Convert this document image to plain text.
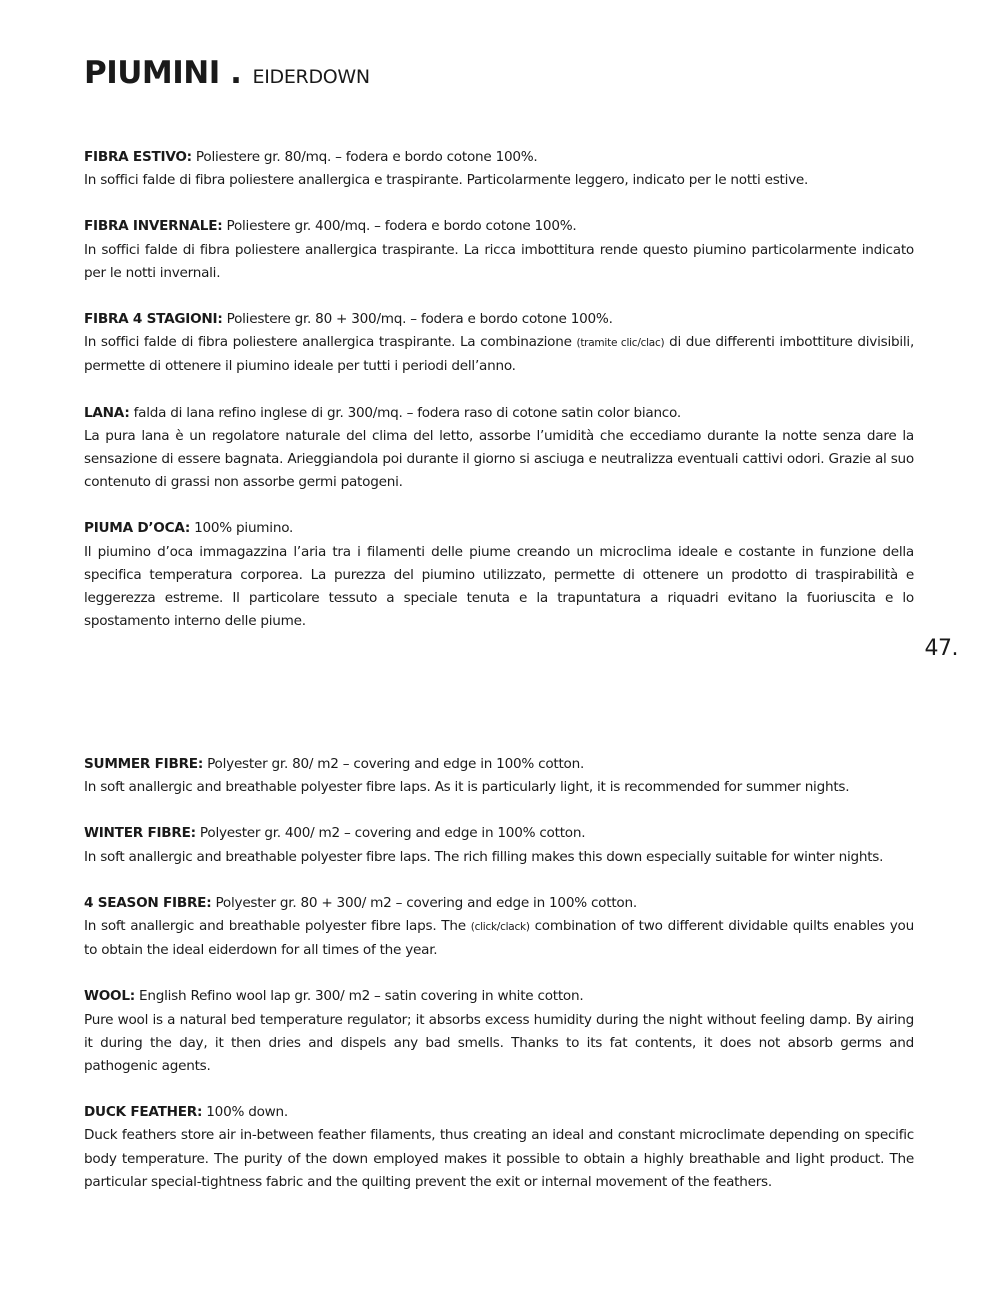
PIUMINI . EIDERDOWN
47.

FIBRA ESTIVO: Poliestere gr. 80/mq. – fodera e bordo cotone 100%.

In soffici falde di fibra poliestere anallergica e traspirante. Particolarmente leggero, indicato per le notti estive.

FIBRA INVERNALE: Poliestere gr. 400/mq. – fodera e bordo cotone 100%.

In soffici falde di fibra poliestere anallergica traspirante. La ricca imbottitura rende questo piumino particolarmente indicato per le notti invernali.

FIBRA 4 STAGIONI: Poliestere gr. 80 + 300/mq. – fodera e bordo cotone 100%.

In soffici falde di fibra poliestere anallergica traspirante. La combinazione (tramite clic/clac) di due differenti imbottiture divisibili, permette di ottenere il piumino ideale per tutti i periodi dell’anno.

LANA: falda di lana refino inglese di gr. 300/mq. – fodera raso di cotone satin color bianco.

La pura lana è un regolatore naturale del clima del letto, assorbe l’umidità che eccediamo durante la notte senza dare la sensazione di essere bagnata. Arieggiandola poi durante il giorno si asciuga e neutralizza eventuali cattivi odori. Grazie al suo contenuto di grassi non assorbe germi patogeni.

PIUMA D’OCA: 100% piumino.

Il piumino d’oca immagazzina l’aria tra i filamenti delle piume creando un microclima ideale e costante in funzione della specifica temperatura corporea. La purezza del piumino utilizzato, permette di ottenere un prodotto di traspirabilità e leggerezza estreme. Il particolare tessuto a speciale tenuta e la trapuntatura a riquadri evitano la fuoriuscita e lo spostamento interno delle piume.

SUMMER FIBRE: Polyester gr. 80/ m2 – covering and edge in 100% cotton.

In soft anallergic and breathable polyester fibre laps. As it is particularly light, it is recommended for summer nights.

WINTER FIBRE: Polyester gr. 400/ m2 – covering and edge in 100% cotton.

In soft anallergic and breathable polyester fibre laps. The rich filling makes this down especially suitable for winter nights.

4 SEASON FIBRE: Polyester gr. 80 + 300/ m2 – covering and edge in 100% cotton.

In soft anallergic and breathable polyester fibre laps. The (click/clack) combination of two different dividable quilts enables you to obtain the ideal eiderdown for all times of the year.

WOOL: English Refino wool lap gr. 300/ m2 – satin covering in white cotton.

Pure wool is a natural bed temperature regulator; it absorbs excess humidity during the night without feeling damp. By airing it during the day, it then dries and dispels any bad smells. Thanks to its fat contents, it does not absorb germs and pathogenic agents.

DUCK FEATHER: 100% down.

Duck feathers store air in-between feather filaments, thus creating an ideal and constant microclimate depending on specific body temperature. The purity of the down employed makes it possible to obtain a highly breathable and light product. The particular special-tightness fabric and the quilting prevent the exit or internal movement of the feathers.
